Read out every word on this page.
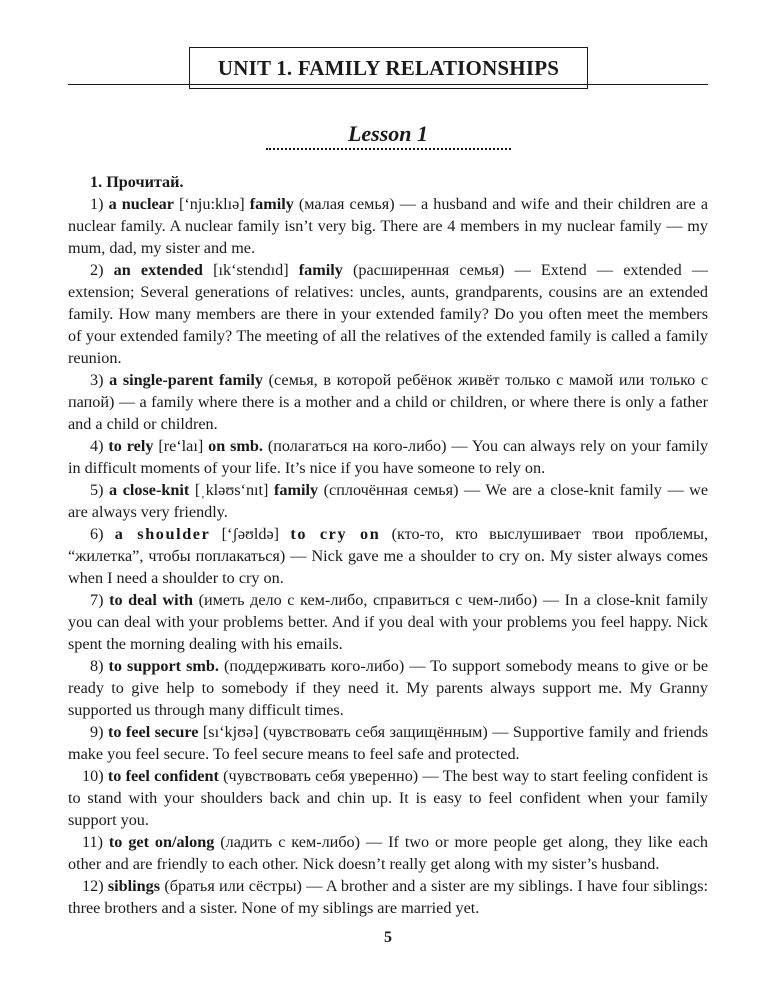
UNIT 1. FAMILY RELATIONSHIPS
Lesson 1

1. Прочитай.

1) a nuclear [‘nju:klıə] family (малая семья) — a husband and wife and their children are a nuclear family. A nuclear family isn’t very big. There are 4 members in my nuclear family — my mum, dad, my sister and me.

2) an extended [ık‘stendıd] family (расширенная семья) — Extend — extended — extension; Several generations of relatives: uncles, aunts, grandparents, cousins are an extended family. How many members are there in your extended family? Do you often meet the members of your extended family? The meeting of all the relatives of the extended family is called a family reunion.

3) a single-parent family (семья, в которой ребёнок живёт только с мамой или только с папой) — a family where there is a mother and a child or children, or where there is only a father and a child or children.

4) to rely [re‘laı] on smb. (полагаться на кого-либо) — You can always rely on your family in difficult moments of your life. It’s nice if you have someone to rely on.

5) a close-knit [ˌkləʊs‘nıt] family (сплочённая семья) — We are a close-knit family — we are always very friendly.

6) a shoulder [‘ʃəʊldə] to cry on (кто-то, кто выслушивает твои проблемы, “жилетка”, чтобы поплакаться) — Nick gave me a shoulder to cry on. My sister always comes when I need a shoulder to cry on.

7) to deal with (иметь дело с кем-либо, справиться с чем-либо) — In a close-knit family you can deal with your problems better. And if you deal with your problems you feel happy. Nick spent the morning dealing with his emails.

8) to support smb. (поддерживать кого-либо) — To support somebody means to give or be ready to give help to somebody if they need it. My parents always support me. My Granny supported us through many difficult times.

9) to feel secure [sı‘kjʊə] (чувствовать себя защищённым) — Supportive family and friends make you feel secure. To feel secure means to feel safe and protected.

10) to feel confident (чувствовать себя уверенно) — The best way to start feeling confident is to stand with your shoulders back and chin up. It is easy to feel confident when your family support you.

11) to get on/along (ладить с кем-либо) — If two or more people get along, they like each other and are friendly to each other. Nick doesn’t really get along with my sister’s husband.

12) siblings (братья или сёстры) — A brother and a sister are my siblings. I have four siblings: three brothers and a sister. None of my siblings are married yet.

5
